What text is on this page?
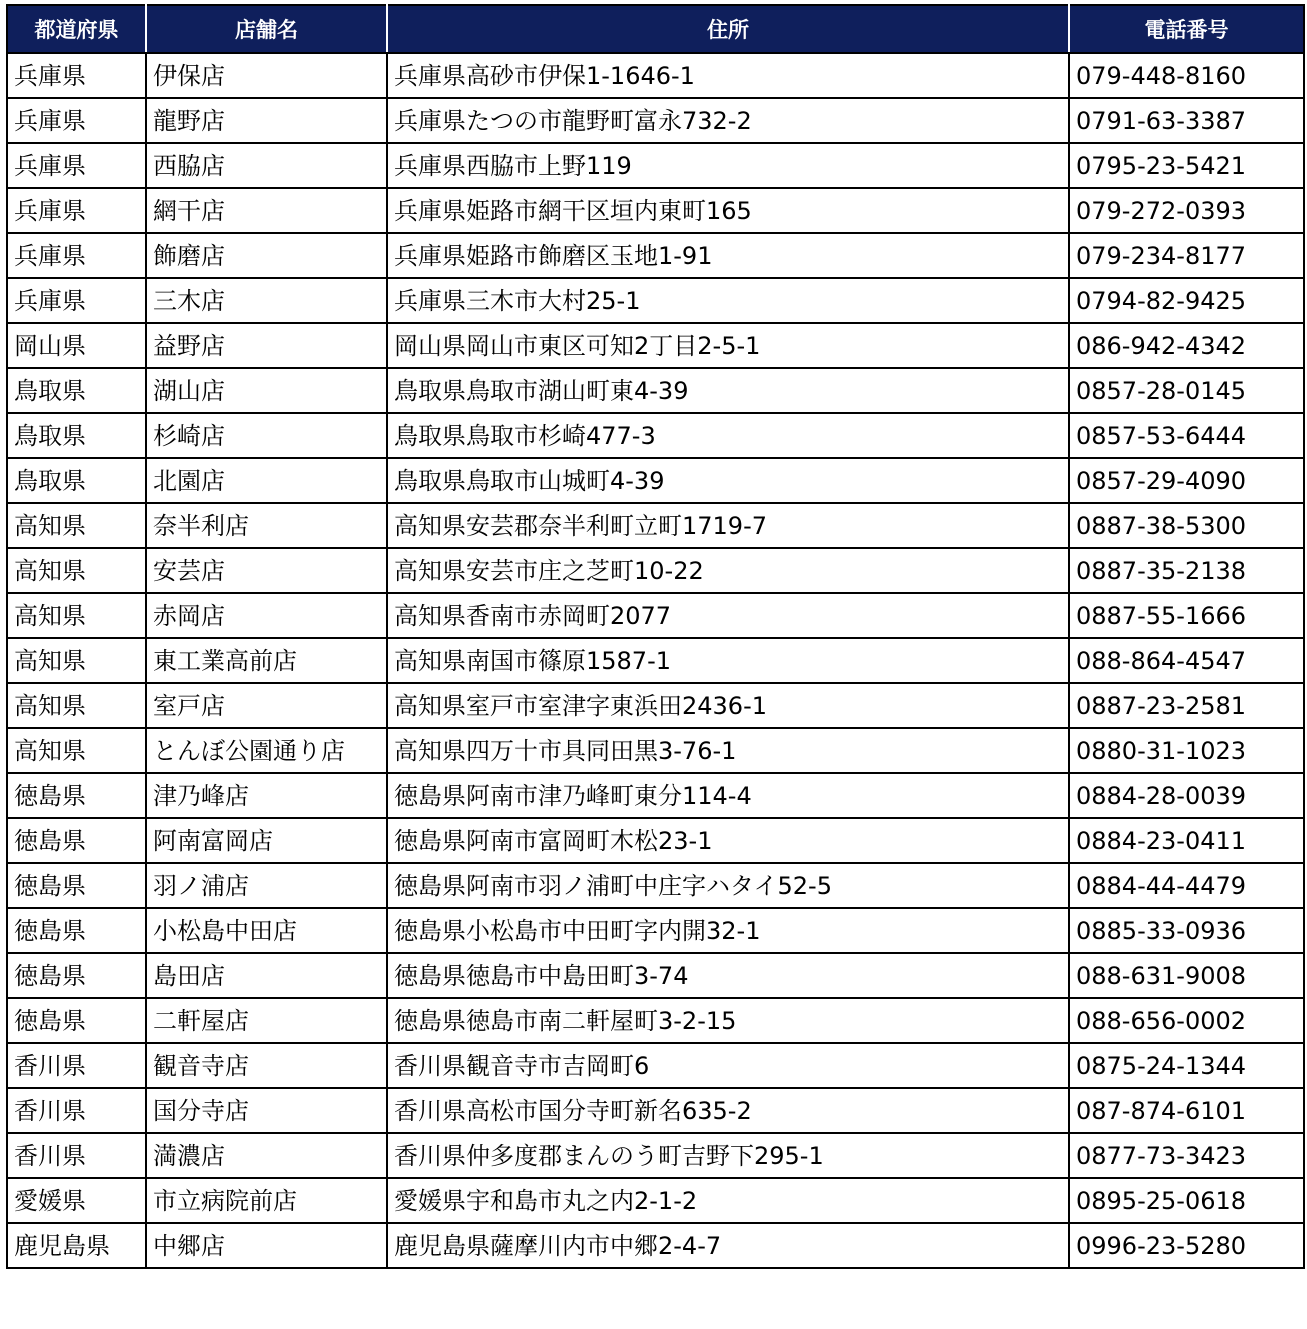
都道府県	店舗名	住所	電話番号
兵庫県	伊保店	兵庫県高砂市伊保1-1646-1	079-448-8160
兵庫県	龍野店	兵庫県たつの市龍野町富永732-2	0791-63-3387
兵庫県	西脇店	兵庫県西脇市上野119	0795-23-5421
兵庫県	網干店	兵庫県姫路市網干区垣内東町165	079-272-0393
兵庫県	飾磨店	兵庫県姫路市飾磨区玉地1-91	079-234-8177
兵庫県	三木店	兵庫県三木市大村25-1	0794-82-9425
岡山県	益野店	岡山県岡山市東区可知2丁目2-5-1	086-942-4342
鳥取県	湖山店	鳥取県鳥取市湖山町東4-39	0857-28-0145
鳥取県	杉崎店	鳥取県鳥取市杉崎477-3	0857-53-6444
鳥取県	北園店	鳥取県鳥取市山城町4-39	0857-29-4090
高知県	奈半利店	高知県安芸郡奈半利町立町1719-7	0887-38-5300
高知県	安芸店	高知県安芸市庄之芝町10-22	0887-35-2138
高知県	赤岡店	高知県香南市赤岡町2077	0887-55-1666
高知県	東工業高前店	高知県南国市篠原1587-1	088-864-4547
高知県	室戸店	高知県室戸市室津字東浜田2436-1	0887-23-2581
高知県	とんぼ公園通り店	高知県四万十市具同田黒3-76-1	0880-31-1023
徳島県	津乃峰店	徳島県阿南市津乃峰町東分114-4	0884-28-0039
徳島県	阿南富岡店	徳島県阿南市富岡町木松23-1	0884-23-0411
徳島県	羽ノ浦店	徳島県阿南市羽ノ浦町中庄字ハタイ52-5	0884-44-4479
徳島県	小松島中田店	徳島県小松島市中田町字内開32-1	0885-33-0936
徳島県	島田店	徳島県徳島市中島田町3-74	088-631-9008
徳島県	二軒屋店	徳島県徳島市南二軒屋町3-2-15	088-656-0002
香川県	観音寺店	香川県観音寺市吉岡町6	0875-24-1344
香川県	国分寺店	香川県高松市国分寺町新名635-2	087-874-6101
香川県	満濃店	香川県仲多度郡まんのう町吉野下295-1	0877-73-3423
愛媛県	市立病院前店	愛媛県宇和島市丸之内2-1-2	0895-25-0618
鹿児島県	中郷店	鹿児島県薩摩川内市中郷2-4-7	0996-23-5280
